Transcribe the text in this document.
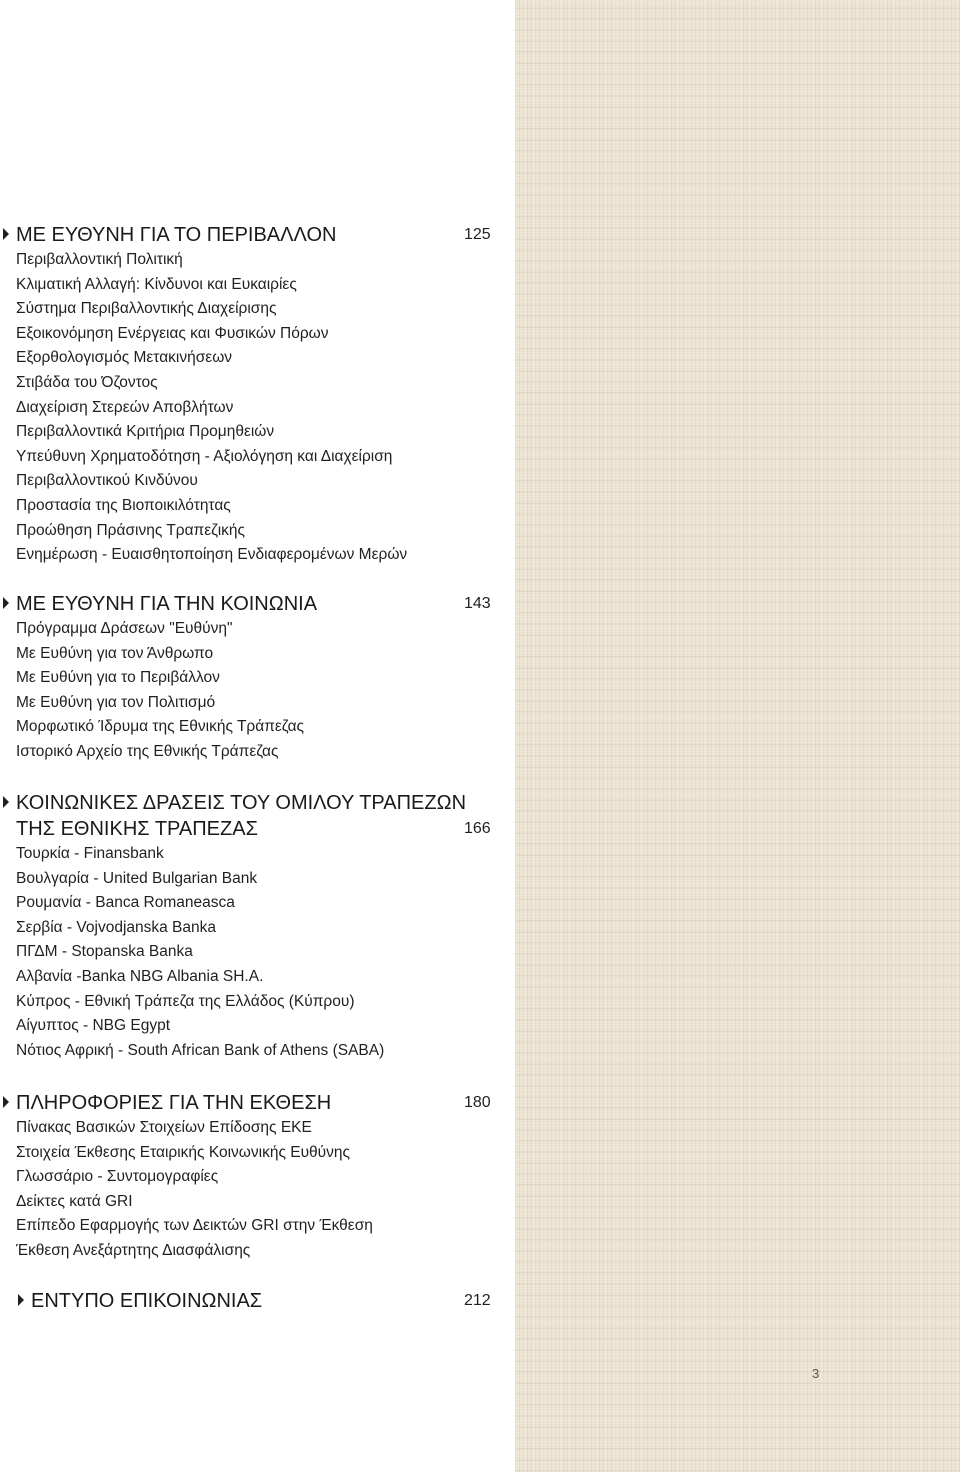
3
ΜΕ ΕΥΘΥΝΗ ΓΙΑ ΤΟ ΠΕΡΙΒΑΛΛΟΝ	125
Περιβαλλοντική Πολιτική
Κλιματική Αλλαγή: Κίνδυνοι και Ευκαιρίες
Σύστημα Περιβαλλοντικής Διαχείρισης
Εξοικονόμηση Ενέργειας και Φυσικών Πόρων
Εξορθολογισμός Μετακινήσεων
Στιβάδα του Όζοντος
Διαχείριση Στερεών Αποβλήτων
Περιβαλλοντικά Κριτήρια Προμηθειών
Υπεύθυνη Χρηματοδότηση - Αξιολόγηση και Διαχείριση
Περιβαλλοντικού Κινδύνου
Προστασία της Βιοποικιλότητας
Προώθηση Πράσινης Τραπεζικής
Ενημέρωση - Ευαισθητοποίηση Ενδιαφερομένων Μερών
ΜΕ ΕΥΘΥΝΗ ΓΙΑ ΤΗΝ ΚΟΙΝΩΝΙΑ	143
Πρόγραμμα Δράσεων "Ευθύνη"
Με Ευθύνη για τον Άνθρωπο
Με Ευθύνη για το Περιβάλλον
Με Ευθύνη για τον Πολιτισμό
Μορφωτικό Ίδρυμα της Εθνικής Τράπεζας
Ιστορικό Αρχείο της Εθνικής Τράπεζας
ΚΟΙΝΩΝΙΚΕΣ ΔΡΑΣΕΙΣ ΤΟΥ ΟΜΙΛΟΥ ΤΡΑΠΕΖΩΝ
ΤΗΣ ΕΘΝΙΚΗΣ ΤΡΑΠΕΖΑΣ	166
Τουρκία - Finansbank
Βουλγαρία - United Bulgarian Bank
Ρουμανία - Banca Romaneasca
Σερβία - Vojvodjanska Banka
ΠΓΔΜ - Stopanska Banka
Αλβανία -Banka NBG Albania SH.A.
Κύπρος - Εθνική Τράπεζα της Ελλάδος (Κύπρου)
Αίγυπτος - NBG Egypt
Νότιος Αφρική - South African Bank of Athens (SABA)
ΠΛΗΡΟΦΟΡΙΕΣ ΓΙΑ ΤΗΝ ΕΚΘΕΣΗ	180
Πίνακας Βασικών Στοιχείων Επίδοσης ΕΚΕ
Στοιχεία Έκθεσης Εταιρικής Κοινωνικής Ευθύνης
Γλωσσάριο - Συντομογραφίες
Δείκτες κατά GRI
Επίπεδο Εφαρμογής των Δεικτών GRI στην Έκθεση
Έκθεση Ανεξάρτητης Διασφάλισης
ΕΝΤΥΠΟ ΕΠΙΚΟΙΝΩΝΙΑΣ	212
